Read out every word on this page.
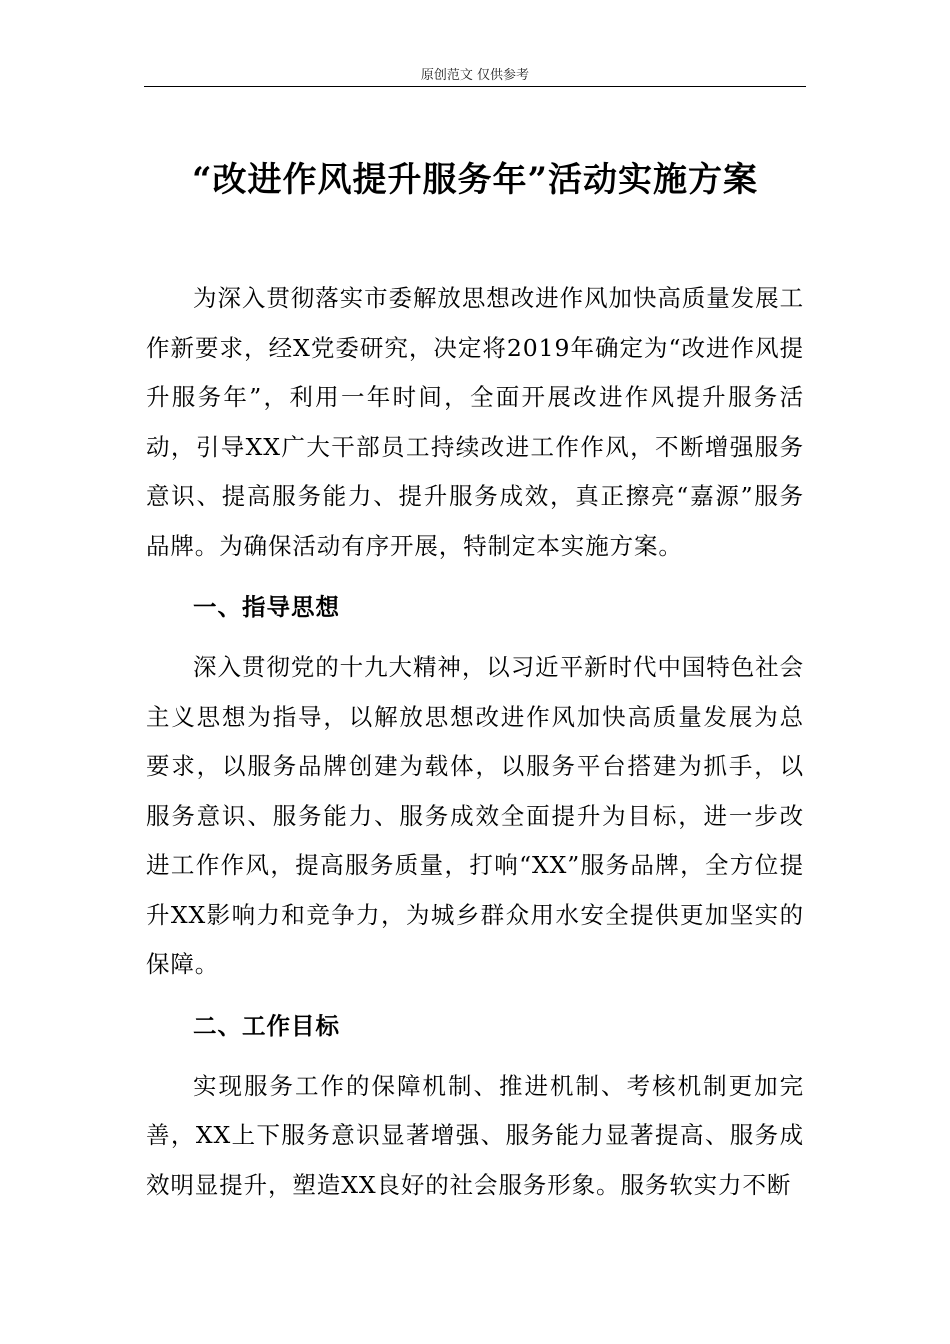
原创范文 仅供参考
“改进作风提升服务年”活动实施方案

为深入贯彻落实市委解放思想改进作风加快高质量发展工作新要求，经X党委研究，决定将2019年确定为“改进作风提升服务年”，利用一年时间，全面开展改进作风提升服务活动，引导XX广大干部员工持续改进工作作风，不断增强服务意识、提高服务能力、提升服务成效，真正擦亮“嘉源”服务品牌。为确保活动有序开展，特制定本实施方案。

一、指导思想

深入贯彻党的十九大精神，以习近平新时代中国特色社会主义思想为指导，以解放思想改进作风加快高质量发展为总要求，以服务品牌创建为载体，以服务平台搭建为抓手，以服务意识、服务能力、服务成效全面提升为目标，进一步改进工作作风，提高服务质量，打响“XX”服务品牌，全方位提升XX影响力和竞争力，为城乡群众用水安全提供更加坚实的保障。

二、工作目标

实现服务工作的保障机制、推进机制、考核机制更加完善，XX上下服务意识显著增强、服务能力显著提高、服务成效明显提升，塑造XX良好的社会服务形象。服务软实力不断
